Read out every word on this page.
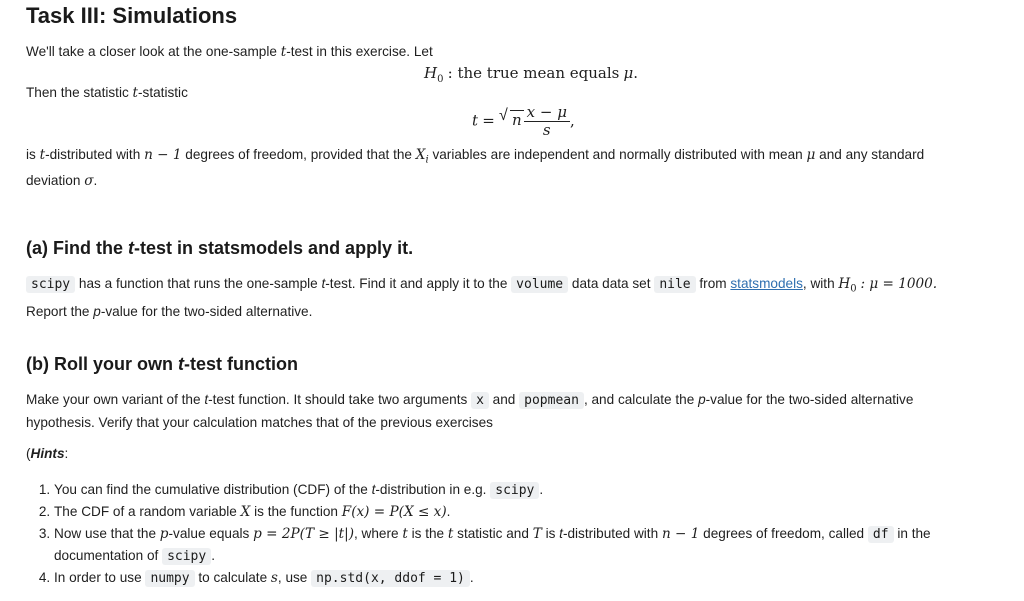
Task III: Simulations
We'll take a closer look at the one-sample t-test in this exercise. Let
$H_0$ : the true mean equals μ.
Then the statistic t-statistic
t = √ n $\frac{x - \mu}{s}$ ,
is t-distributed with n − 1 degrees of freedom, provided that the $X_i$ variables are independent and normally distributed with mean μ and any standard
deviation σ.
(a) Find the t-test in statsmodels and apply it.
scipy has a function that runs the one-sample t-test. Find it and apply it to the volume data data set nile from statsmodels, with $H_0$ : μ = 1000.
Report the p-value for the two-sided alternative.
(b) Roll your own t-test function
Make your own variant of the t-test function. It should take two arguments x and popmean , and calculate the p-value for the two-sided alternative
hypothesis. Verify that your calculation matches that of the previous exercises
(Hints:
1. You can find the cumulative distribution (CDF) of the t-distribution in e.g. scipy .
2. The CDF of a random variable X is the function F(x) = P(X ≤ x).
3. Now use that the p-value equals p = 2P(T ≥ |t|), where t is the t statistic and T is t-distributed with n − 1 degrees of freedom, called df in the documentation of scipy .
4. In order to use numpy to calculate s, use np.std(x, ddof = 1) .
